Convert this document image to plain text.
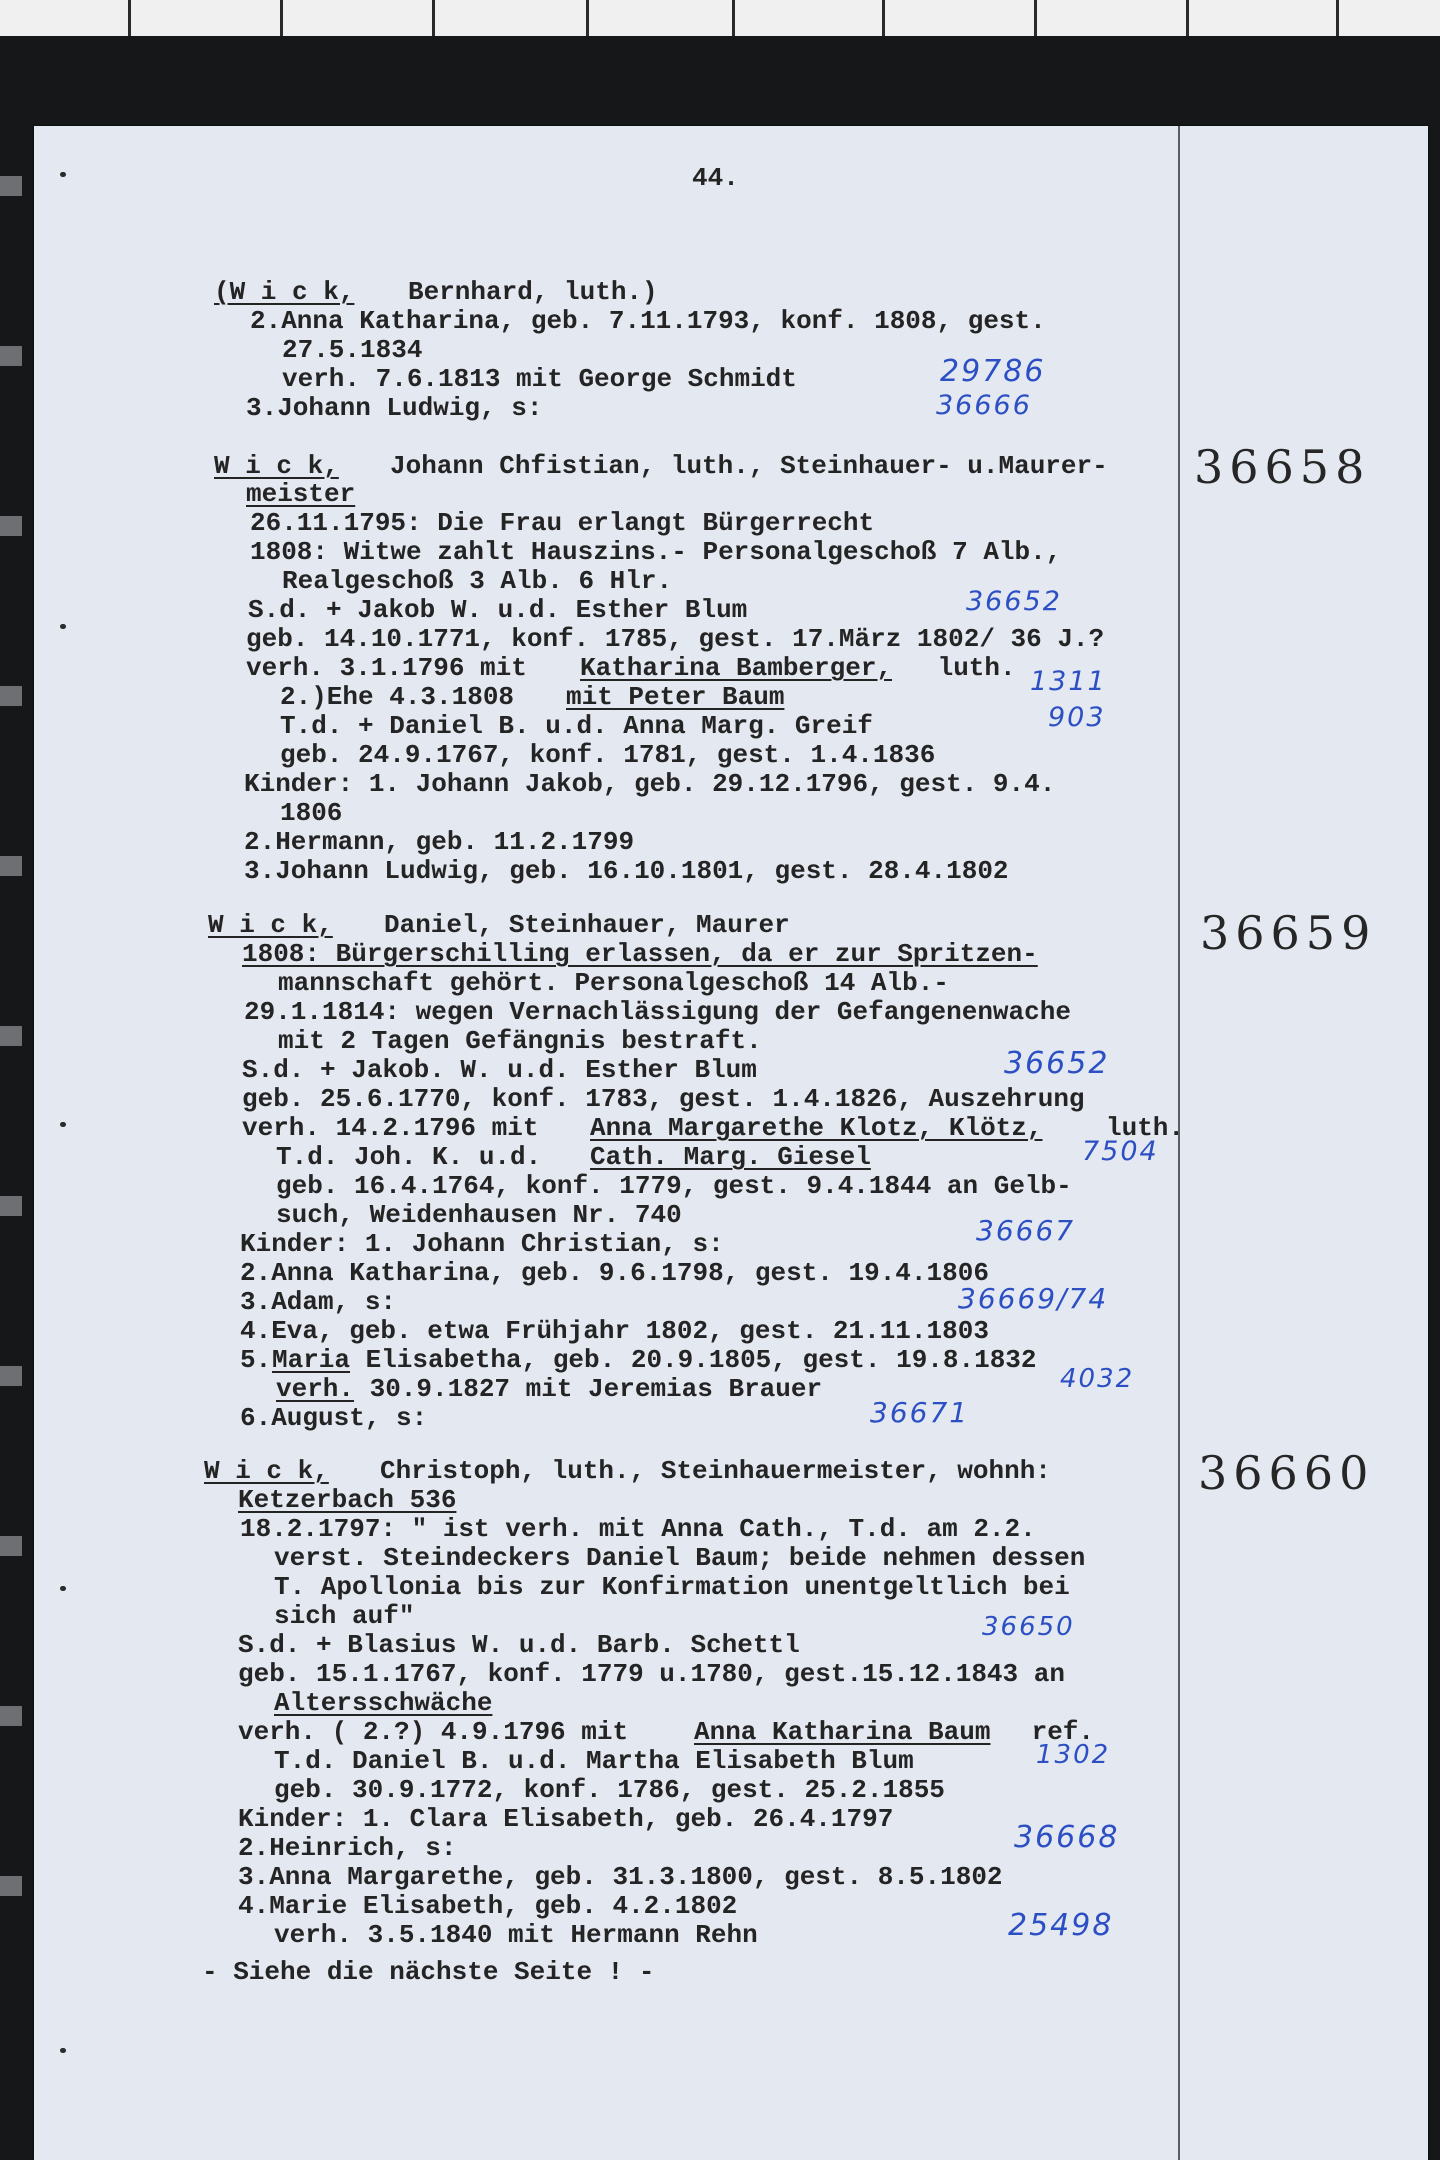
44.
(W i c k, Bernhard, luth.)
2.Anna Katharina, geb. 7.11.1793, konf. 1808, gest.
27.5.1834
verh. 7.6.1813 mit George Schmidt
3.Johann Ludwig, s:
29786
36666
W i c k, Johann Chfistian, luth., Steinhauer- u.Maurer-
meister
26.11.1795: Die Frau erlangt Bürgerrecht
1808: Witwe zahlt Hauszins.- Personalgeschoß 7 Alb.,
Realgeschoß 3 Alb. 6 Hlr.
S.d. + Jakob W. u.d. Esther Blum
geb. 14.10.1771, konf. 1785, gest. 17.März 1802/ 36 J.?
verh. 3.1.1796 mit Katharina Bamberger, luth.
2.)Ehe 4.3.1808 mit Peter Baum
T.d. + Daniel B. u.d. Anna Marg. Greif
geb. 24.9.1767, konf. 1781, gest. 1.4.1836
Kinder: 1. Johann Jakob, geb. 29.12.1796, gest. 9.4.
1806
2.Hermann, geb. 11.2.1799
3.Johann Ludwig, geb. 16.10.1801, gest. 28.4.1802
36658
36652
1311
903
W i c k, Daniel, Steinhauer, Maurer
1808: Bürgerschilling erlassen, da er zur Spritzen-
mannschaft gehört. Personalgeschoß 14 Alb.-
29.1.1814: wegen Vernachlässigung der Gefangenenwache
mit 2 Tagen Gefängnis bestraft.
S.d. + Jakob. W. u.d. Esther Blum
geb. 25.6.1770, konf. 1783, gest. 1.4.1826, Auszehrung
verh. 14.2.1796 mit Anna Margarethe Klotz, Klötz, luth.
T.d. Joh. K. u.d. Cath. Marg. Giesel
geb. 16.4.1764, konf. 1779, gest. 9.4.1844 an Gelb-
such, Weidenhausen Nr. 740
Kinder: 1. Johann Christian, s:
2.Anna Katharina, geb. 9.6.1798, gest. 19.4.1806
3.Adam, s:
4.Eva, geb. etwa Frühjahr 1802, gest. 21.11.1803
5. Maria Elisabetha, geb. 20.9.1805, gest. 19.8.1832
verh. 30.9.1827 mit Jeremias Brauer
6.August, s:
36659
36652
7504
36667
36669/74
4032
36671
W i c k, Christoph, luth., Steinhauermeister, wohnh:
Ketzerbach 536
18.2.1797: " ist verh. mit Anna Cath., T.d. am 2.2.
verst. Steindeckers Daniel Baum; beide nehmen dessen
T. Apollonia bis zur Konfirmation unentgeltlich bei
sich auf"
S.d. + Blasius W. u.d. Barb. Schettl
geb. 15.1.1767, konf. 1779 u.1780, gest.15.12.1843 an
Altersschwäche
verh. ( 2.?) 4.9.1796 mit Anna Katharina Baum ref.
T.d. Daniel B. u.d. Martha Elisabeth Blum
geb. 30.9.1772, konf. 1786, gest. 25.2.1855
Kinder: 1. Clara Elisabeth, geb. 26.4.1797
2.Heinrich, s:
3.Anna Margarethe, geb. 31.3.1800, gest. 8.5.1802
4.Marie Elisabeth, geb. 4.2.1802
verh. 3.5.1840 mit Hermann Rehn
36660
36650
1302
36668
25498
- Siehe die nächste Seite ! -
